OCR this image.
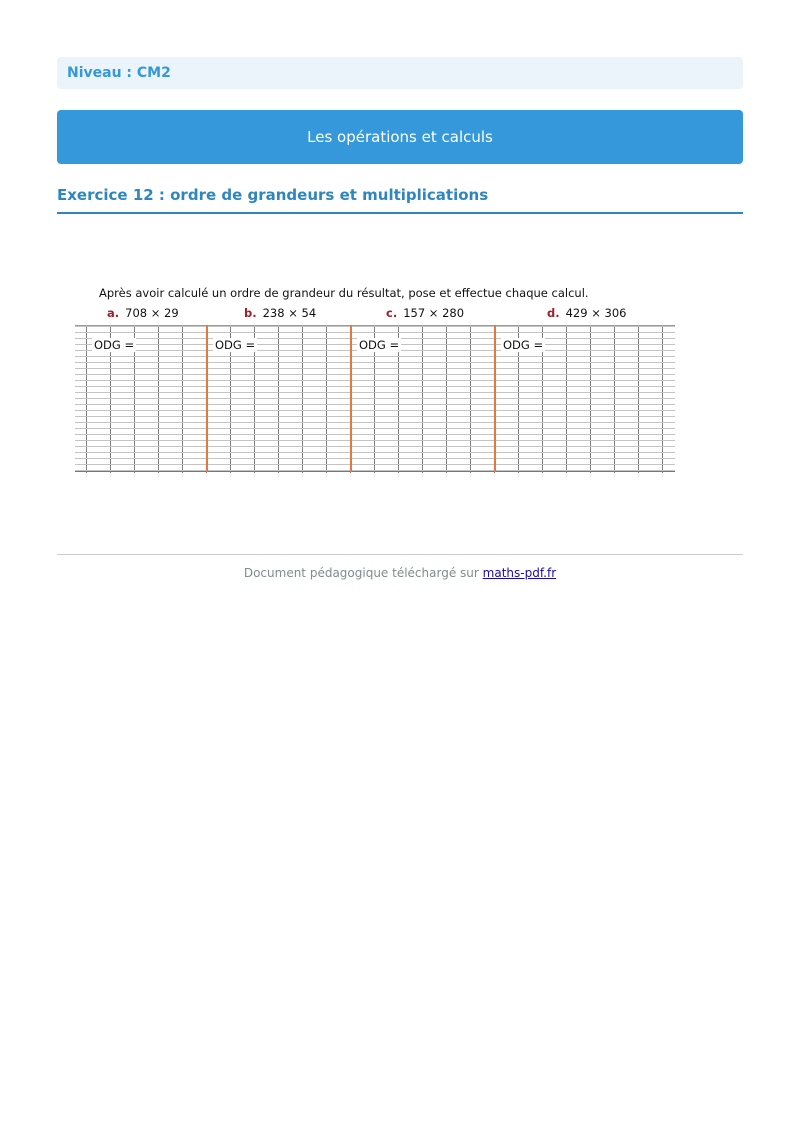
Niveau : CM2
Les opérations et calculs
Exercice 12 : ordre de grandeurs et multiplications
Après avoir calculé un ordre de grandeur du résultat, pose et effectue chaque calcul.
a. 708 × 29	b. 238 × 54	c. 157 × 280	d. 429 × 306
ODG =	ODG =	ODG =	ODG =
Document pédagogique téléchargé sur maths-pdf.fr
